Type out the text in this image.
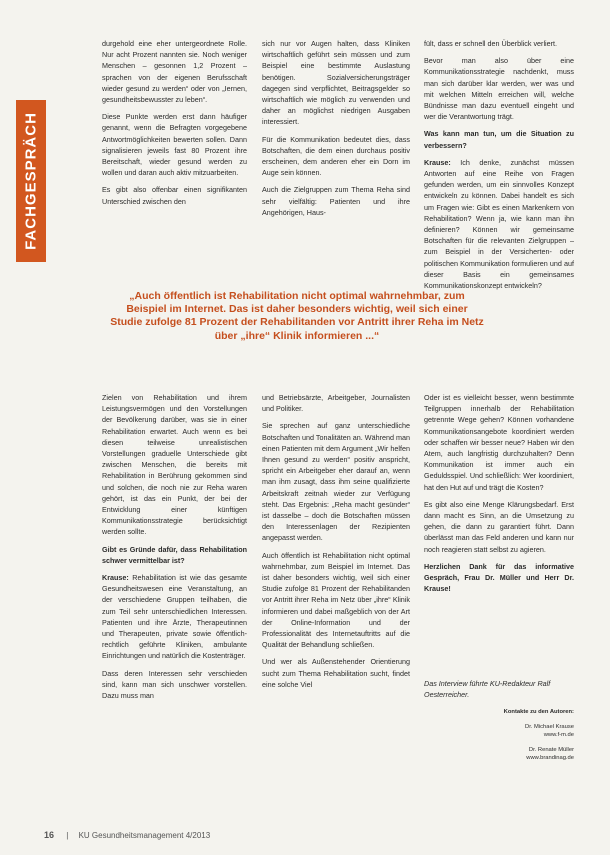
FACHGESPRÄCH

durgehold eine eher untergeordnete Rolle. Nur acht Prozent nannten sie. Noch weniger Menschen – gesonnen 1,2 Prozent – sprachen von der eigenen Berufsschaft wieder gesund zu werden“ oder von „Iernen, gesundheitsbewusster zu leben“.

Diese Punkte werden erst dann häufiger genannt, wenn die Befragten vorgegebene Antwortmöglichkeiten bewerten sollen. Dann signalisieren jeweils fast 80 Prozent ihre Bereitschaft, wieder gesund werden zu wollen und daran auch aktiv mitzuarbeiten.

Es gibt also offenbar einen signifikanten Unterschied zwischen den

sich nur vor Augen halten, dass Kliniken wirtschaftlich geführt sein müssen und zum Beispiel eine bestimmte Auslastung benötigen. Sozialversicherungsträger dagegen sind verpflichtet, Beitragsgelder so wirtschaftlich wie möglich zu verwenden und daher an möglichst niedrigen Ausgaben interessiert.

Für die Kommunikation bedeutet dies, dass Botschaften, die dem einen durchaus positiv erscheinen, dem anderen eher ein Dorn im Auge sein können.

Auch die Zielgruppen zum Thema Reha sind sehr vielfältig: Patienten und ihre Angehörigen, Haus-

fült, dass er schnell den Überblick verliert.

Bevor man also über eine Kommunikationsstrategie nachdenkt, muss man sich darüber klar werden, wer was und mit welchen Mitteln erreichen will, welche Bündnisse man dazu eventuell eingeht und wer die Verantwortung trägt.

Was kann man tun, um die Situation zu verbessern?

Krause: Ich denke, zunächst müssen Antworten auf eine Reihe von Fragen gefunden werden, um ein sinnvolles Konzept entwickeln zu können. Dabei handelt es sich um Fragen wie: Gibt es einen Markenkern von Rehabilitation? Wenn ja, wie kann man ihn definieren? Können wir gemeinsame Botschaften für die relevanten Zielgruppen – zum Beispiel in der Versicherten- oder politischen Kommunikation formulieren und auf dieser Basis ein gemeinsames Kommunikationskonzept entwickeln?

„Auch öffentlich ist Rehabilitation nicht optimal wahrnehmbar, zum Beispiel im Internet. Das ist daher besonders wichtig, weil sich einer Studie zufolge 81 Prozent der Rehabilitanden vor Antritt ihrer Reha im Netz über „ihre“ Klinik informieren ...“

Zielen von Rehabilitation und ihrem Leistungsvermögen und den Vorstellungen der Bevölkerung darüber, was sie in einer Rehabilitation erwartet. Auch wenn es bei diesen teilweise unrealistischen Vorstellungen graduelle Unterschiede gibt zwischen Menschen, die bereits mit Rehabilitation in Berührung gekommen sind und solchen, die noch nie zur Reha waren gehört, ist das ein Punkt, der bei der Entwicklung einer künftigen Kommunikationsstrategie berücksichtigt werden sollte.

Gibt es Gründe dafür, dass Rehabilitation schwer vermittelbar ist?

Krause: Rehabilitation ist wie das gesamte Gesundheitswesen eine Veranstaltung, an der verschiedene Gruppen teilhaben, die zum Teil sehr unterschiedlichen Interessen. Patienten und ihre Ärzte, Therapeutinnen und Therapeuten, private sowie öffentlich-rechtlich geführte Kliniken, ambulante Einrichtungen und natürlich die Kostenträger.

Dass deren Interessen sehr verschieden sind, kann man sich unschwer vorstellen. Dazu muss man

und Betriebsärzte, Arbeitgeber, Journalisten und Politiker.

Sie sprechen auf ganz unterschiedliche Botschaften und Tonalitäten an. Während man einen Patienten mit dem Argument „Wir helfen Ihnen gesund zu werden“ positiv anspricht, spricht ein Arbeitgeber eher darauf an, wenn man ihm zusagt, dass ihm seine qualifizierte Arbeitskraft zeitnah wieder zur Verfügung steht. Das Ergebnis: „Reha macht gesünder“ ist dasselbe – doch die Botschaften müssen den Interessenlagen der Rezipienten angepasst werden.

Auch öffentlich ist Rehabilitation nicht optimal wahrnehmbar, zum Beispiel im Internet. Das ist daher besonders wichtig, weil sich einer Studie zufolge 81 Prozent der Rehabilitanden vor Antritt ihrer Reha im Netz über „ihre“ Klinik informieren und dabei maßgeblich von der Art der Online-Information und der Professionalität des Internetauftritts auf die Qualität der Behandlung schließen.

Und wer als Außenstehender Orientierung sucht zum Thema Rehabilitation sucht, findet eine solche Viel

Oder ist es vielleicht besser, wenn bestimmte Teilgruppen innerhalb der Rehabilitation getrennte Wege gehen? Können vorhandene Kommunikationsangebote koordiniert werden oder schaffen wir besser neue? Haben wir den Atem, auch langfristig durchzuhalten? Denn Kommunikation ist immer auch ein Geduldsspiel. Und schließlich: Wer koordiniert, hat den Hut auf und trägt die Kosten?

Es gibt also eine Menge Klärungsbedarf. Erst dann macht es Sinn, an die Umsetzung zu gehen, die dann zu garantiert führt. Dann überlässt man das Feld anderen und kann nur noch reagieren statt selbst zu agieren.

Herzlichen Dank für das informative Gespräch, Frau Dr. Müller und Herr Dr. Krause!

Das Interview führte KU-Redakteur Ralf Oesterreicher.
Kontakte zu den Autoren:
Dr. Michael Krause
www.f-m.de
Dr. Renate Müller
www.brandinag.de
16 | KU Gesundheitsmanagement 4/2013
